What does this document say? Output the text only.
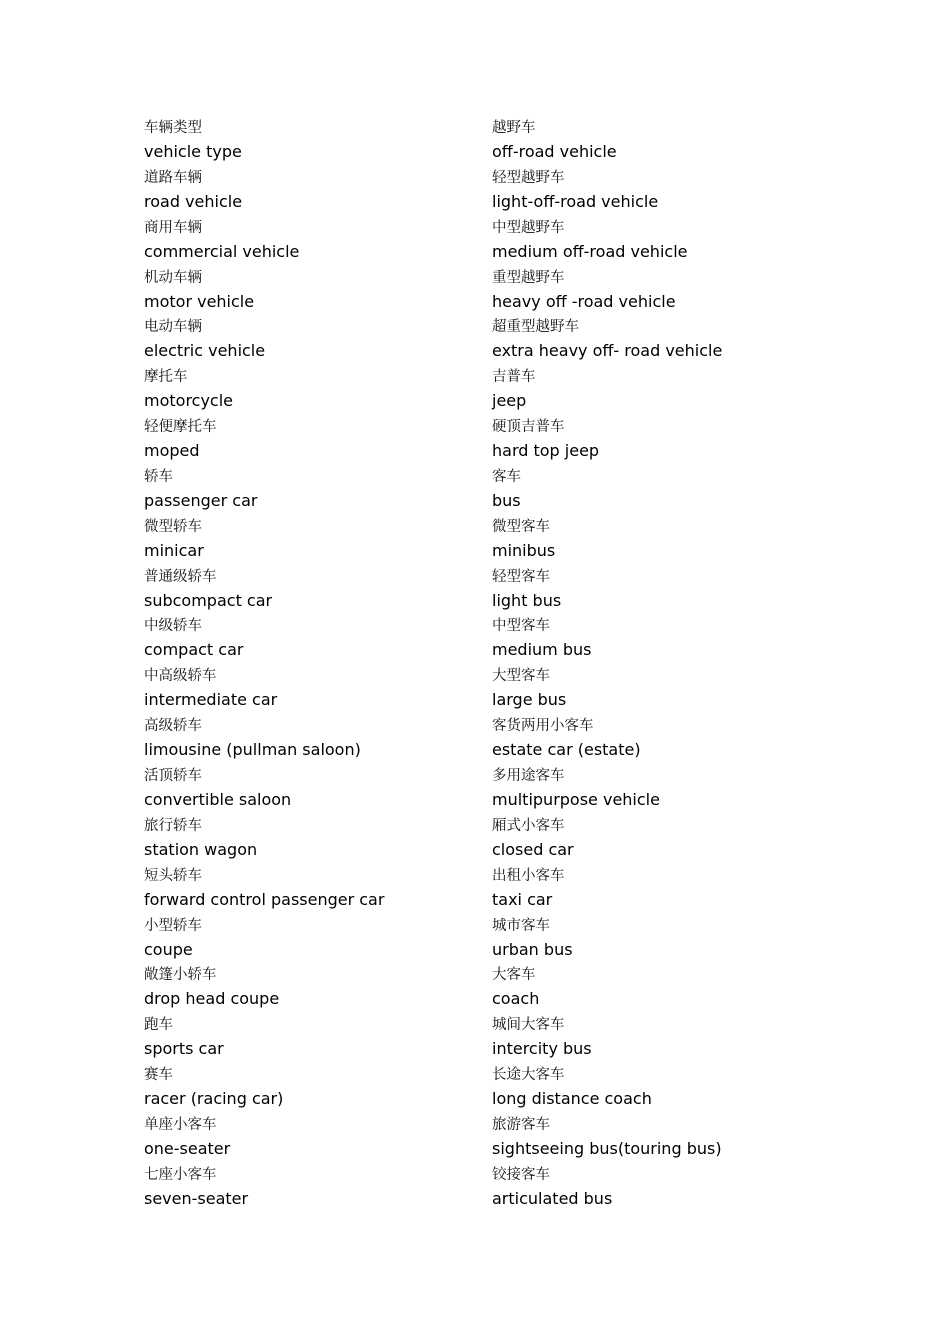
车辆类型
vehicle type
道路车辆
road vehicle
商用车辆
commercial vehicle
机动车辆
motor vehicle
电动车辆
electric vehicle
摩托车
motorcycle
轻便摩托车
moped
轿车
passenger car
微型轿车
minicar
普通级轿车
subcompact car
中级轿车
compact car
中高级轿车
intermediate car
高级轿车
limousine (pullman saloon)
活顶轿车
convertible saloon
旅行轿车
station wagon
短头轿车
forward control passenger car
小型轿车
coupe
敞篷小轿车
drop head coupe
跑车
sports car
赛车
racer (racing car)
单座小客车
one-seater
七座小客车
seven-seater
越野车
off-road vehicle
轻型越野车
light-off-road vehicle
中型越野车
medium off-road vehicle
重型越野车
heavy off -road vehicle
超重型越野车
extra heavy off- road vehicle
吉普车
jeep
硬顶吉普车
hard top jeep
客车
bus
微型客车
minibus
轻型客车
light bus
中型客车
medium bus
大型客车
large bus
客货两用小客车
estate car (estate)
多用途客车
multipurpose vehicle
厢式小客车
closed car
出租小客车
taxi car
城市客车
urban bus
大客车
coach
城间大客车
intercity bus
长途大客车
long distance coach
旅游客车
sightseeing bus(touring bus)
铰接客车
articulated bus
